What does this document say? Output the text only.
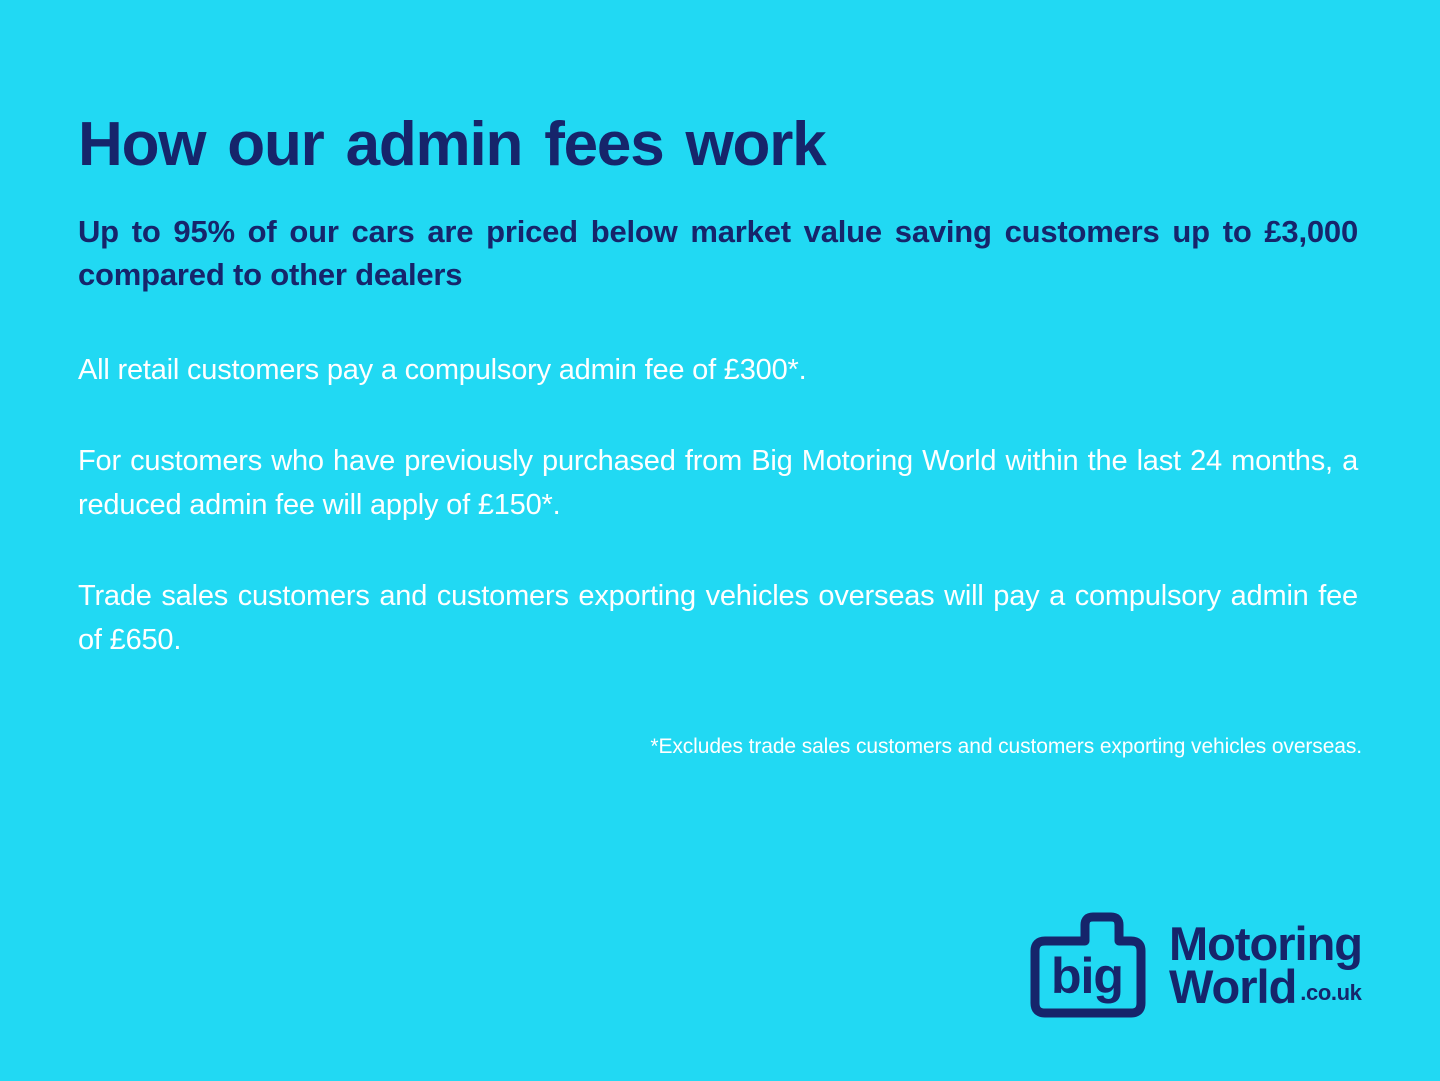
How our admin fees work

Up to 95% of our cars are priced below market value saving customers up to £3,000 compared to other dealers

All retail customers pay a compulsory admin fee of £300*.

For customers who have previously purchased from Big Motoring World within the last 24 months, a reduced admin fee will apply of £150*.

Trade sales customers and customers exporting vehicles overseas will pay a compulsory admin fee of £650.

*Excludes trade sales customers and customers exporting vehicles overseas.

big
Motoring
World .co.uk
